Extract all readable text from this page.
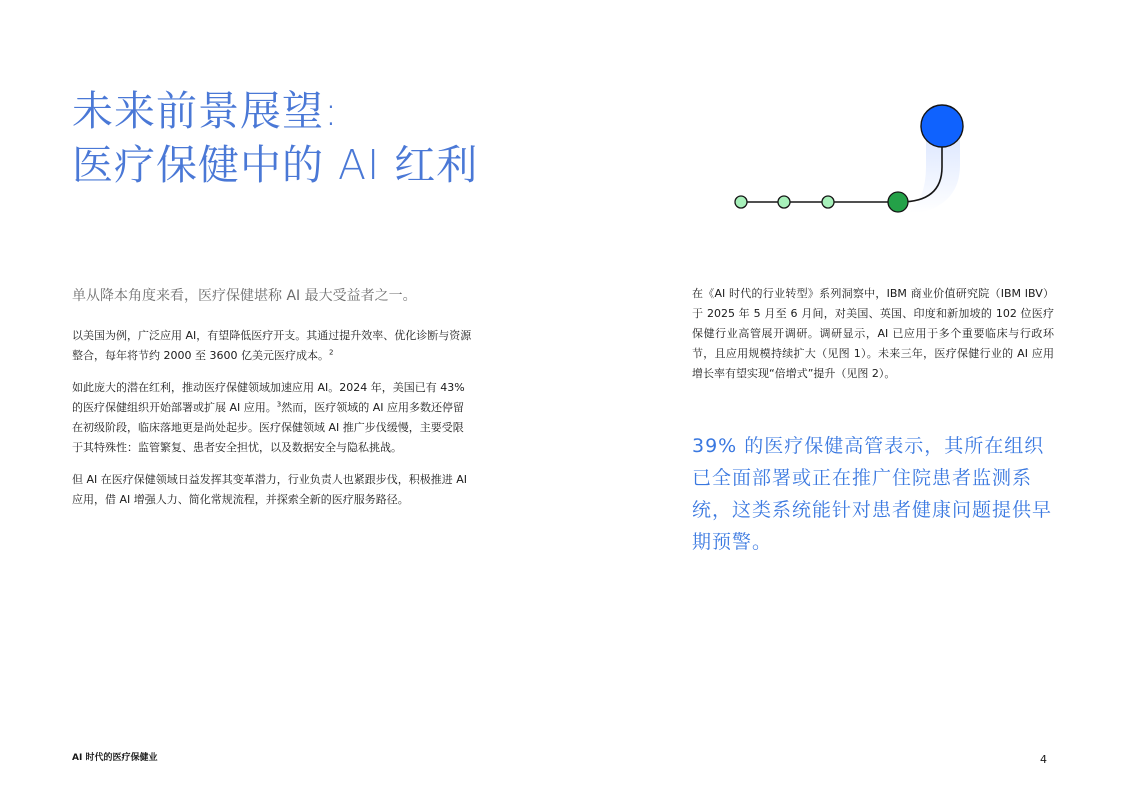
未来前景展望:
医疗保健中的 AI 红利

单从降本角度来看，医疗保健堪称 AI 最大受益者之一。

以美国为例，广泛应用 AI，有望降低医疗开支。其通过提升效率、优化诊断与资源整合，每年将节约 2000 至 3600 亿美元医疗成本。$^2$

如此庞大的潜在红利，推动医疗保健领域加速应用 AI。2024 年，美国已有 43% 的医疗保健组织开始部署或扩展 AI 应用。$^3$然而，医疗领域的 AI 应用多数还停留在初级阶段，临床落地更是尚处起步。医疗保健领域 AI 推广步伐缓慢，主要受限于其特殊性：监管繁复、患者安全担忧，以及数据安全与隐私挑战。

但 AI 在医疗保健领域日益发挥其变革潜力，行业负责人也紧跟步伐，积极推进 AI 应用，借 AI 增强人力、简化常规流程，并探索全新的医疗服务路径。

在《AI 时代的行业转型》系列洞察中，IBM 商业价值研究院（IBM IBV）于 2025 年 5 月至 6 月间，对美国、英国、印度和新加坡的 102 位医疗保健行业高管展开调研。调研显示，AI 已应用于多个重要临床与行政环节，且应用规模持续扩大（见图 1）。未来三年，医疗保健行业的 AI 应用增长率有望实现“倍增式”提升（见图 2）。

39% 的医疗保健高管表示，其所在组织已全面部署或正在推广住院患者监测系统，这类系统能针对患者健康问题提供早期预警。

AI 时代的医疗保健业	4
